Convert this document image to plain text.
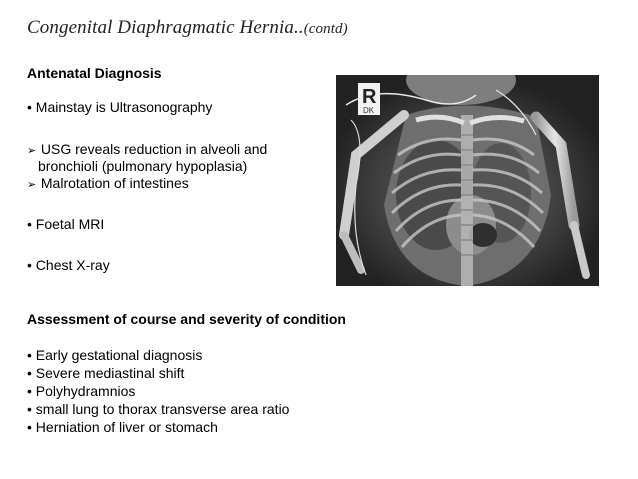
Congenital Diaphragmatic Hernia..(contd)
Antenatal Diagnosis
• Mainstay is Ultrasonography
➢ USG reveals reduction in alveoli and
bronchioli (pulmonary hypoplasia)
➢ Malrotation of intestines
• Foetal MRI
• Chest X-ray
Assessment of course and severity of condition
• Early gestational diagnosis
• Severe mediastinal shift
• Polyhydramnios
• small lung to thorax transverse area ratio
• Herniation of liver or stomach
R
DK
